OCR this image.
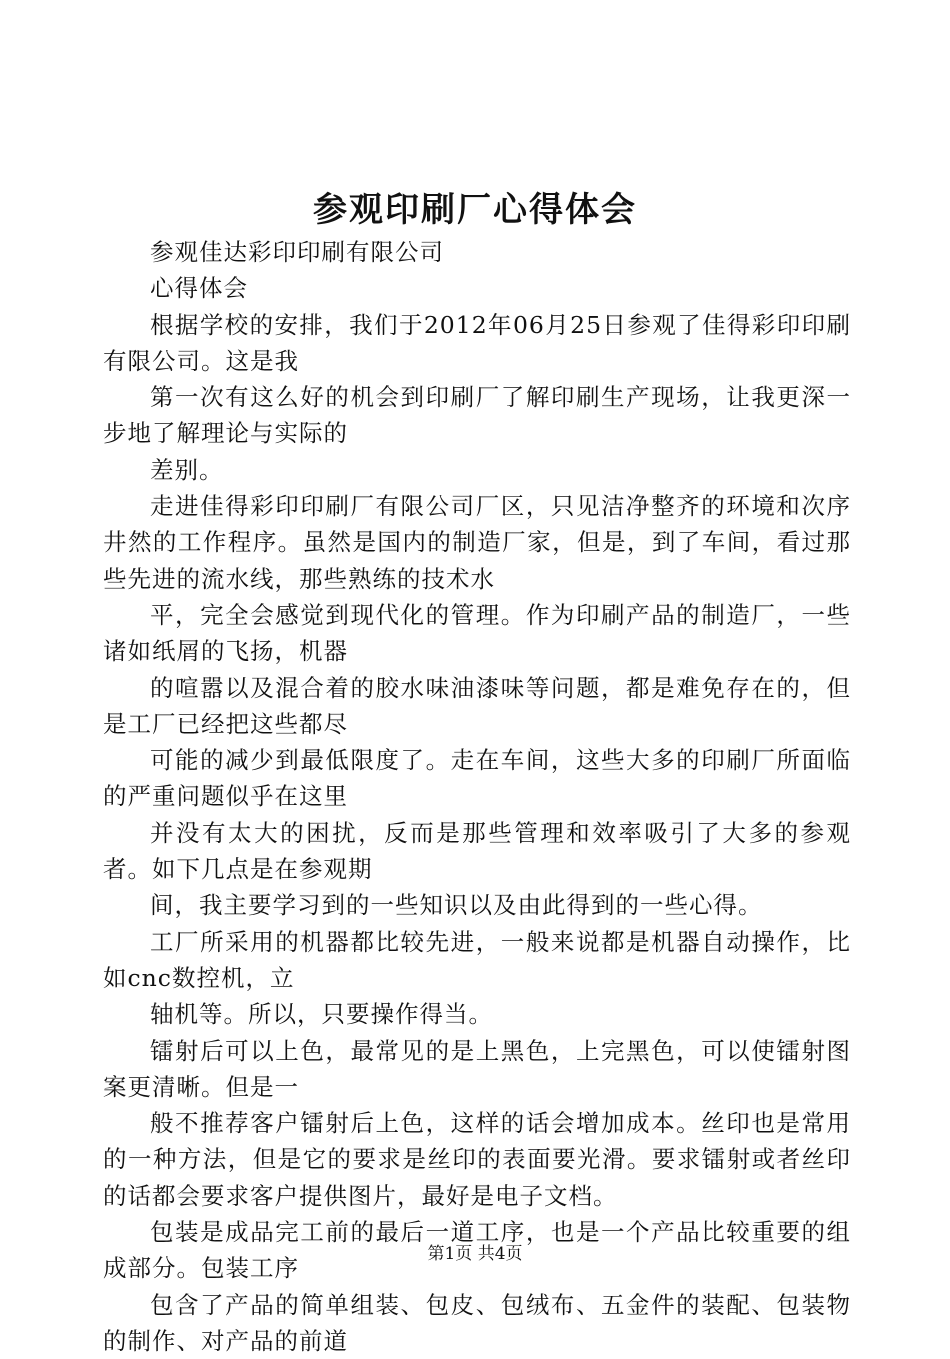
参观印刷厂心得体会

参观佳达彩印印刷有限公司

心得体会

根据学校的安排，我们于2012年06月25日参观了佳得彩印印刷有限公司。这是我

第一次有这么好的机会到印刷厂了解印刷生产现场，让我更深一步地了解理论与实际的

差别。

走进佳得彩印印刷厂有限公司厂区，只见洁净整齐的环境和次序井然的工作程序。虽然是国内的制造厂家，但是，到了车间，看过那些先进的流水线，那些熟练的技术水

平，完全会感觉到现代化的管理。作为印刷产品的制造厂，一些诸如纸屑的飞扬，机器

的喧嚣以及混合着的胶水味油漆味等问题，都是难免存在的，但是工厂已经把这些都尽

可能的减少到最低限度了。走在车间，这些大多的印刷厂所面临的严重问题似乎在这里

并没有太大的困扰，反而是那些管理和效率吸引了大多的参观者。如下几点是在参观期

间，我主要学习到的一些知识以及由此得到的一些心得。

工厂所采用的机器都比较先进，一般来说都是机器自动操作，比如cnc数控机，立

轴机等。所以，只要操作得当。

镭射后可以上色，最常见的是上黑色，上完黑色，可以使镭射图案更清晰。但是一

般不推荐客户镭射后上色，这样的话会增加成本。丝印也是常用的一种方法，但是它的要求是丝印的表面要光滑。要求镭射或者丝印的话都会要求客户提供图片，最好是电子文档。

包装是成品完工前的最后一道工序，也是一个产品比较重要的组成部分。包装工序

包含了产品的简单组装、包皮、包绒布、五金件的装配、包装物的制作、对产品的前道

第1页 共4页
